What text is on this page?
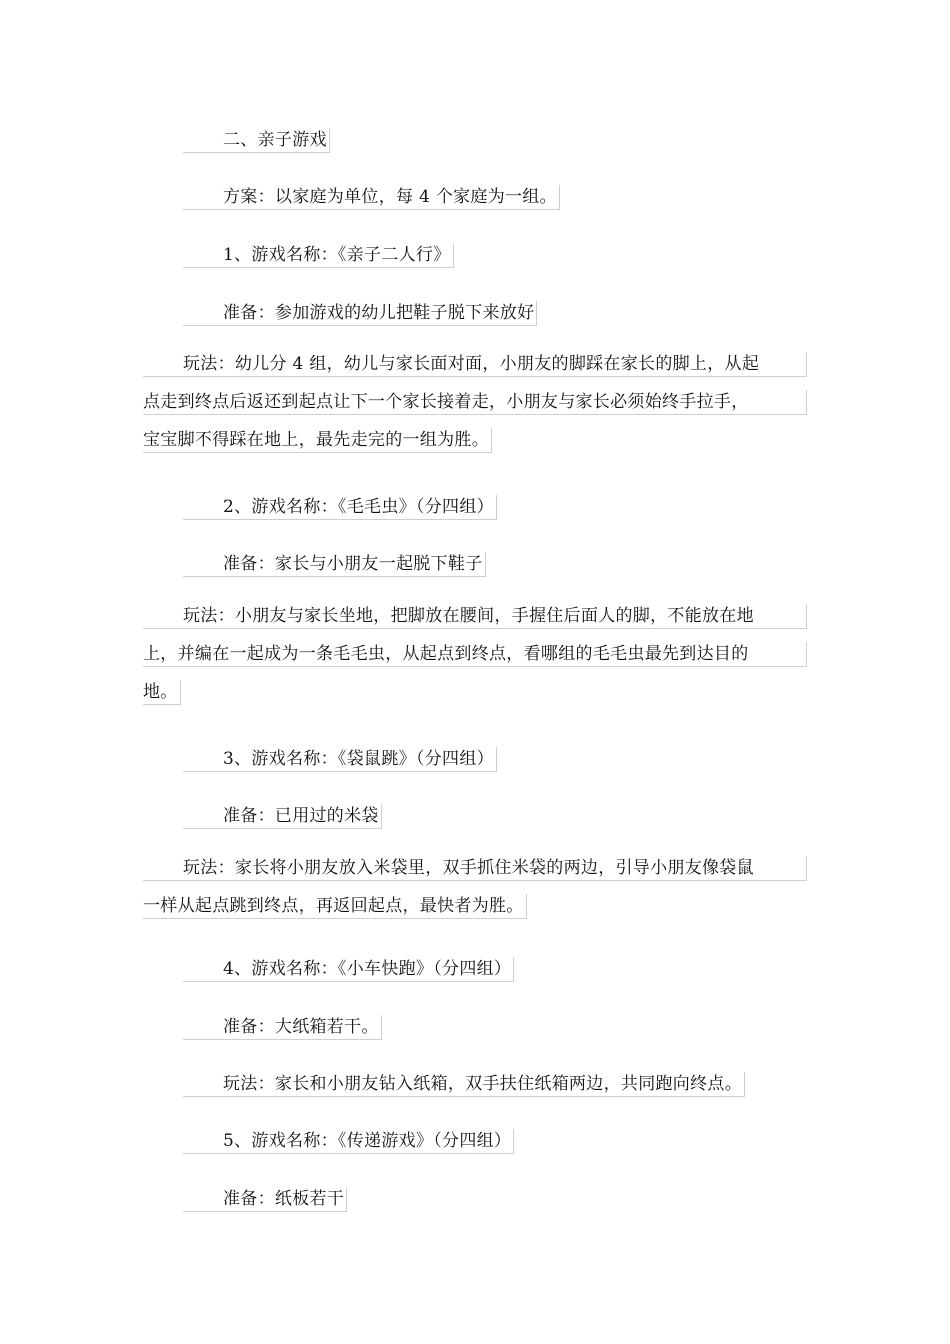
二、亲子游戏
方案：以家庭为单位，每 4 个家庭为一组。
1、游戏名称：《亲子二人行》
准备：参加游戏的幼儿把鞋子脱下来放好
玩法：幼儿分 4 组，幼儿与家长面对面，小朋友的脚踩在家长的脚上，从起
点走到终点后返还到起点让下一个家长接着走，小朋友与家长必须始终手拉手，
宝宝脚不得踩在地上，最先走完的一组为胜。
2、游戏名称：《毛毛虫》（分四组）
准备：家长与小朋友一起脱下鞋子
玩法：小朋友与家长坐地，把脚放在腰间，手握住后面人的脚，不能放在地
上，并编在一起成为一条毛毛虫，从起点到终点，看哪组的毛毛虫最先到达目的
地。
3、游戏名称：《袋鼠跳》（分四组）
准备：已用过的米袋
玩法：家长将小朋友放入米袋里，双手抓住米袋的两边，引导小朋友像袋鼠
一样从起点跳到终点，再返回起点，最快者为胜。
4、游戏名称：《小车快跑》（分四组）
准备：大纸箱若干。
玩法：家长和小朋友钻入纸箱，双手扶住纸箱两边，共同跑向终点。
5、游戏名称：《传递游戏》（分四组）
准备：纸板若干
